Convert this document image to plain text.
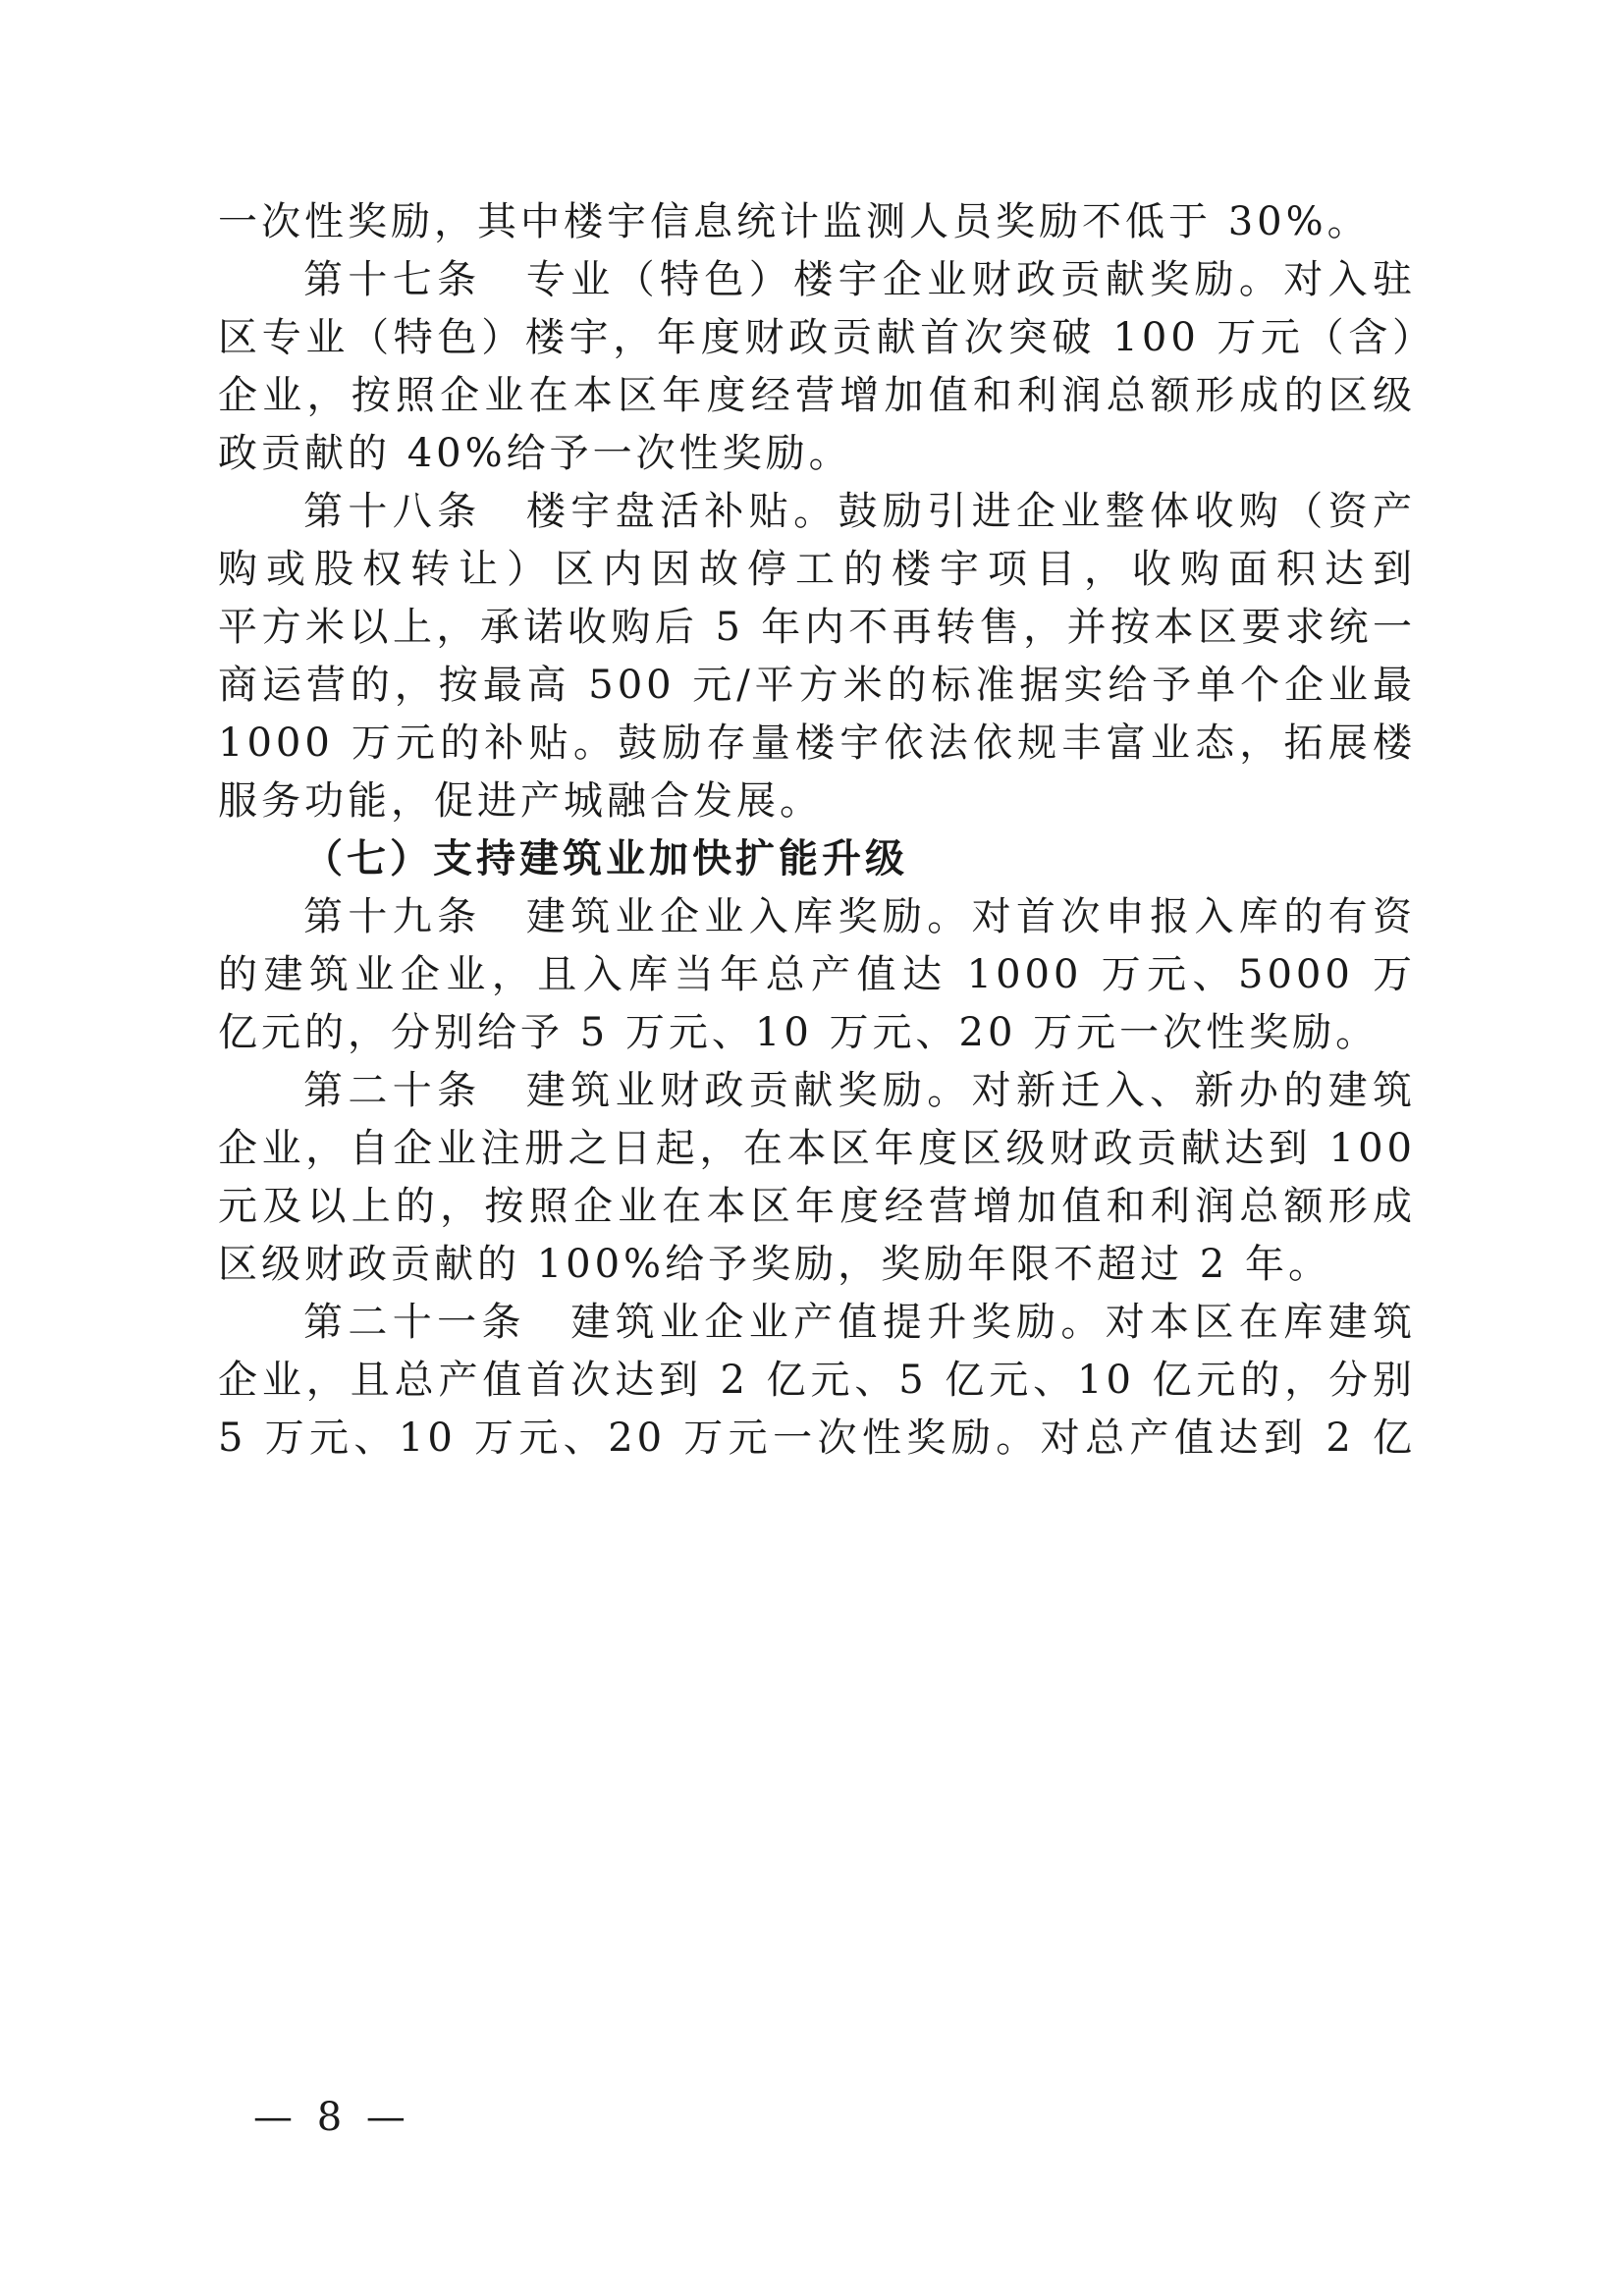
一次性奖励，其中楼宇信息统计监测人员奖励不低于 30%。
第十七条　专业（特色）楼宇企业财政贡献奖励。对入驻
区专业（特色）楼宇，年度财政贡献首次突破 100 万元（含）
企业，按照企业在本区年度经营增加值和利润总额形成的区级
政贡献的 40%给予一次性奖励。
第十八条　楼宇盘活补贴。鼓励引进企业整体收购（资产
购或股权转让）区内因故停工的楼宇项目，收购面积达到
平方米以上，承诺收购后 5 年内不再转售，并按本区要求统一
商运营的，按最高 500 元/平方米的标准据实给予单个企业最
1000 万元的补贴。鼓励存量楼宇依法依规丰富业态，拓展楼
服务功能，促进产城融合发展。
（七）支持建筑业加快扩能升级
第十九条　建筑业企业入库奖励。对首次申报入库的有资
的建筑业企业，且入库当年总产值达 1000 万元、5000 万
亿元的，分别给予 5 万元、10 万元、20 万元一次性奖励。
第二十条　建筑业财政贡献奖励。对新迁入、新办的建筑
企业，自企业注册之日起，在本区年度区级财政贡献达到 100
元及以上的，按照企业在本区年度经营增加值和利润总额形成
区级财政贡献的 100%给予奖励，奖励年限不超过 2 年。
第二十一条　建筑业企业产值提升奖励。对本区在库建筑
企业，且总产值首次达到 2 亿元、5 亿元、10 亿元的，分别
5 万元、10 万元、20 万元一次性奖励。对总产值达到 2 亿
— 8 —
